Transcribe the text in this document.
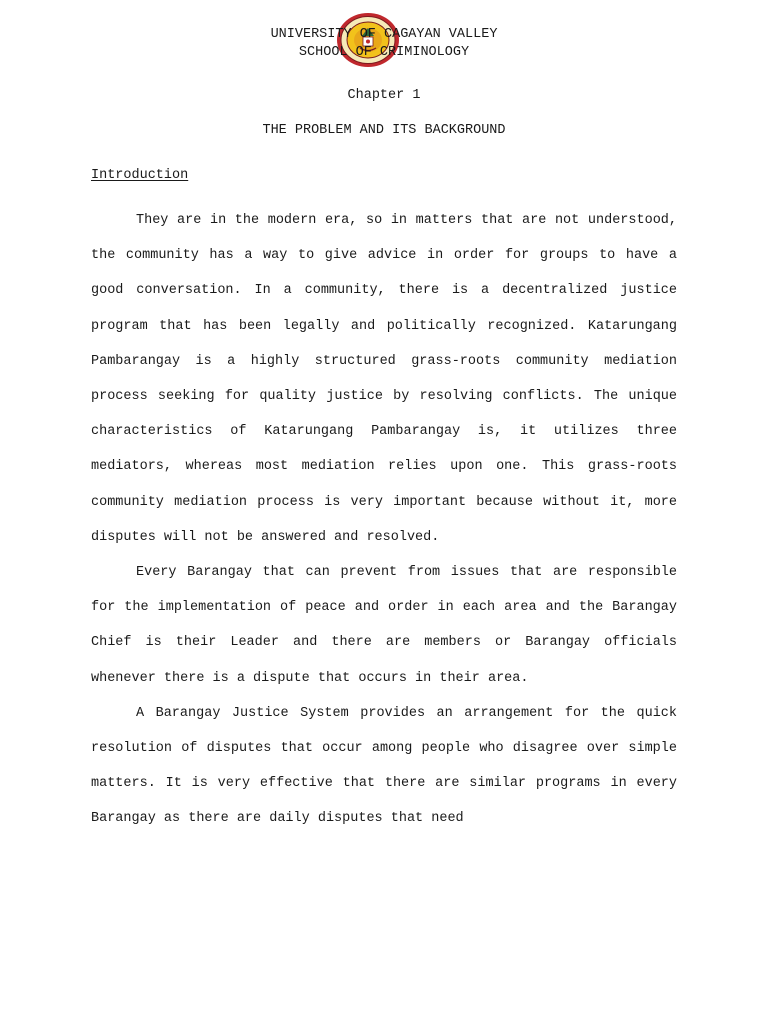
UNIVERSITY OF CAGAYAN VALLEY
SCHOOL OF CRIMINOLOGY
Chapter 1
THE PROBLEM AND ITS BACKGROUND
Introduction

They are in the modern era, so in matters that are not understood, the community has a way to give advice in order for groups to have a good conversation. In a community, there is a decentralized justice program that has been legally and politically recognized. Katarungang Pambarangay is a highly structured grass-roots community mediation process seeking for quality justice by resolving conflicts. The unique characteristics of Katarungang Pambarangay is, it utilizes three mediators, whereas most mediation relies upon one. This grass-roots community mediation process is very important because without it, more disputes will not be answered and resolved.

Every Barangay that can prevent from issues that are responsible for the implementation of peace and order in each area and the Barangay Chief is their Leader and there are members or Barangay officials whenever there is a dispute that occurs in their area.

A Barangay Justice System provides an arrangement for the quick resolution of disputes that occur among people who disagree over simple matters. It is very effective that there are similar programs in every Barangay as there are daily disputes that need
